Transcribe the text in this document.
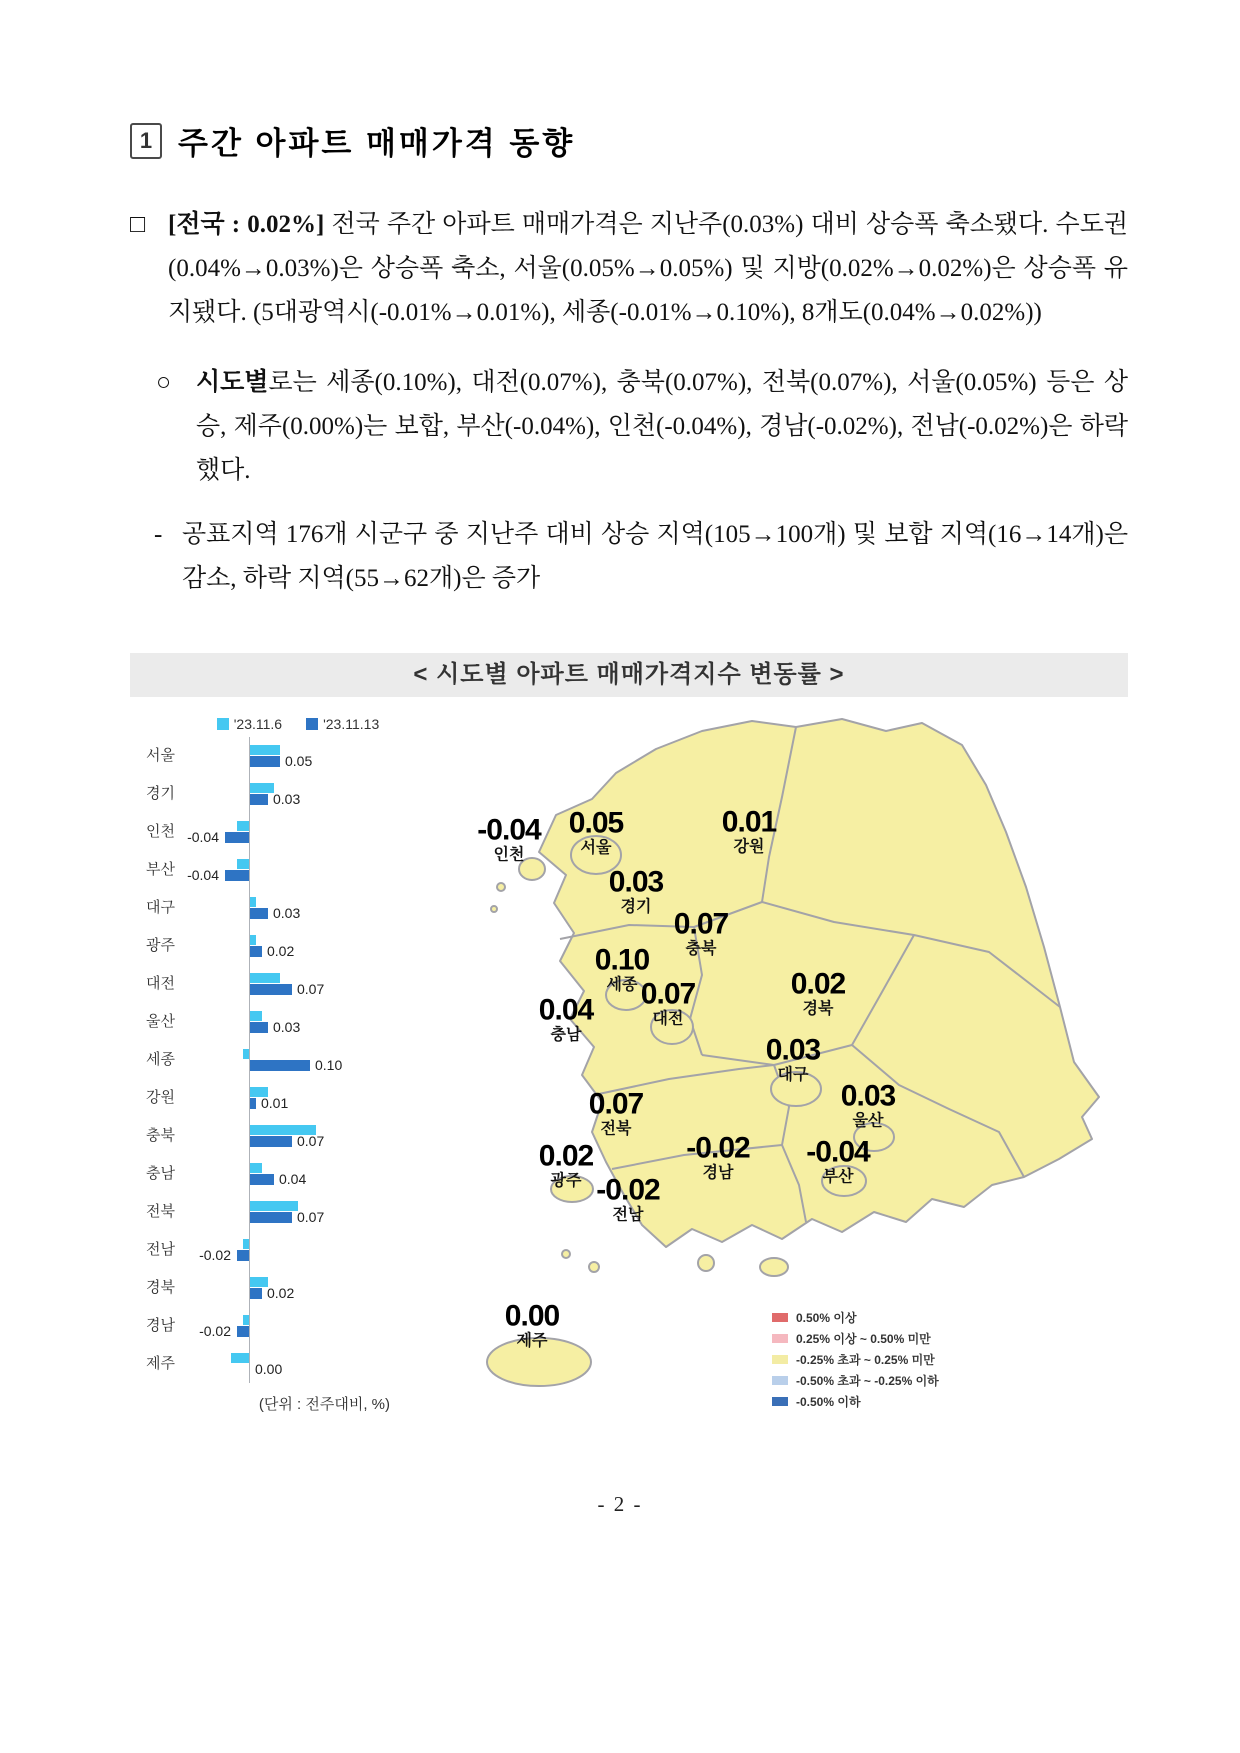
1 주간 아파트 매매가격 동향
□ [전국 : 0.02%] 전국 주간 아파트 매매가격은 지난주(0.03%) 대비 상승폭 축소됐다. 수도권(0.04%→0.03%)은 상승폭 축소, 서울(0.05%→0.05%) 및 지방(0.02%→0.02%)은 상승폭 유지됐다. (5대광역시(-0.01%→0.01%), 세종(-0.01%→0.10%), 8개도(0.04%→0.02%))
○ 시도별로는 세종(0.10%), 대전(0.07%), 충북(0.07%), 전북(0.07%), 서울(0.05%) 등은 상승, 제주(0.00%)는 보합, 부산(-0.04%), 인천(-0.04%), 경남(-0.02%), 전남(-0.02%)은 하락했다.
- 공표지역 176개 시군구 중 지난주 대비 상승 지역(105→100개) 및 보합 지역(16→14개)은 감소, 하락 지역(55→62개)은 증가
< 시도별 아파트 매매가격지수 변동률 >
'23.11.6	'23.11.13
서울	0.05
경기	0.03
인천 -0.04
부산 -0.04
대구	0.03
광주	0.02
대전	0.07
울산	0.03
세종	0.10
강원	0.01
충북	0.07
충남	0.04
전북	0.07
전남	-0.02
경북	0.02
경남	-0.02
제주	0.00
(단위 : 전주대비, %)
-0.04
인천
0.05
서울
0.01
강원
0.03
경기
0.07
충북
0.10
세종 0.07
대전
0.02
경북
0.04
충남	0.03
대구
0.07
전북
0.03
울산
0.02
광주
-0.02
경남
-0.04
부산
-0.02
전남
0.00
제주
0.50% 이상
0.25% 이상 ~ 0.50% 미만
-0.25% 초과 ~ 0.25% 미만
-0.50% 초과 ~ -0.25% 이하
-0.50% 이하
- 2 -
